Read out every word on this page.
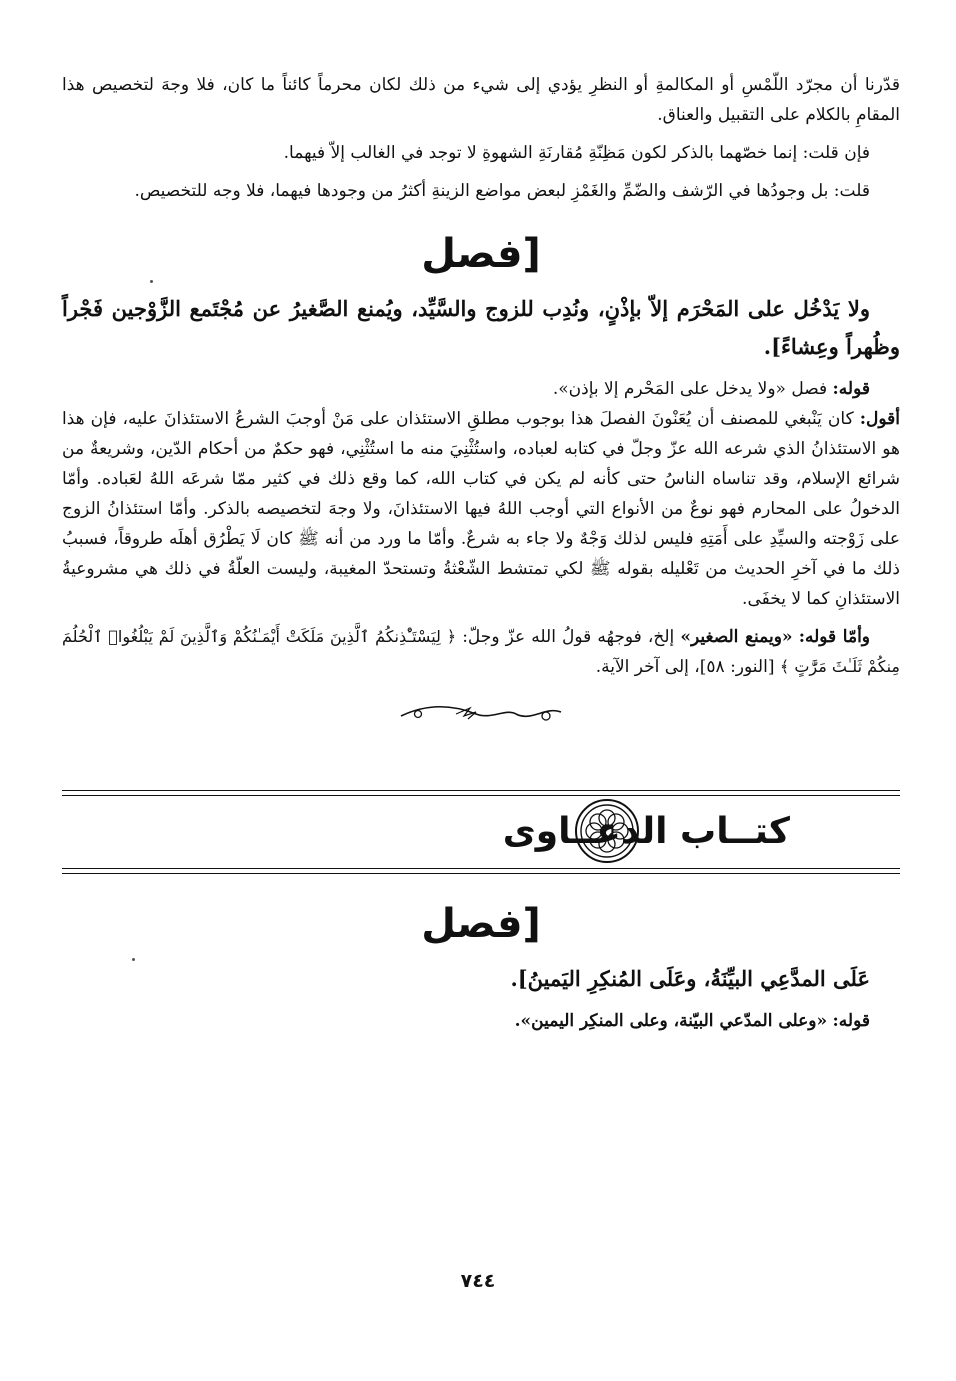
قدّرنا أن مجرّد اللّمْسِ أو المكالمةِ أو النظرِ يؤدي إلى شيء من ذلك لكان محرماً كائناً ما كان، فلا وجهَ لتخصيص هذا المقامِ بالكلام على التقبيل والعناق.

فإن قلت: إنما خصّهما بالذكر لكون مَظِنّةِ مُقارنَةِ الشهوةِ لا توجد في الغالب إلاّ فيهما.

قلت: بل وجودُها في الرّشف والضّمِّ والغَمْزِ لبعض مواضع الزينةِ أكثرُ من وجودها فيهما، فلا وجه للتخصيص.

[فصل

ولا يَدْخُل على المَحْرَم إلاّ بإذْنٍ، ونُدِب للزوج والسَّيِّد، ويُمنع الصَّغيرُ عن مُجْتَمع الزَّوْجين فَجْراً وظُهراً وعِشاءً].

قوله: فصل «ولا يدخل على المَحْرم إلا بإذن».

أقول: كان يَنْبغي للمصنف أن يُعَنْونَ الفصلَ هذا بوجوب مطلقِ الاستئذان على مَنْ أوجبَ الشرعُ الاستئذانَ عليه، فإن هذا هو الاستئذانُ الذي شرعه الله عزّ وجلّ في كتابه لعباده، واستُثْنِيَ منه ما استُثْنِي، فهو حكمٌ من أحكام الدّين، وشريعةٌ من شرائع الإسلام، وقد تناساه الناسُ حتى كأنه لم يكن في كتاب الله، كما وقع ذلك في كثير ممّا شرعَه اللهُ لعَباده. وأمّا الدخولُ على المحارم فهو نوعٌ من الأنواع التي أوجب اللهُ فيها الاستئذانَ، ولا وجهَ لتخصيصه بالذكر. وأمّا استئذانُ الزوج على زَوْجته والسيِّدِ على أَمَتِهِ فليس لذلك وَجْهٌ ولا جاء به شرعٌ. وأمّا ما ورد من أنه ﷺ كان لَا يَطْرُق أهلَه طروقاً، فسببُ ذلك ما في آخرِ الحديث من تَعْليله بقوله ﷺ لكي تمتشط الشّعْثةُ وتستحدّ المغيبة، وليست العلّةُ في ذلك هي مشروعيةُ الاستئذانِ كما لا يخفَى.

وأمّا قوله: «ويمنع الصغير» إلخ، فوجهُه قولُ الله عزّ وجلّ: ﴿ لِيَسْتَـْٔذِنكُمُ ٱلَّذِينَ مَلَكَتْ أَيْمَـٰنُكُمْ وَٱلَّذِينَ لَمْ يَبْلُغُوا۟ ٱلْحُلُمَ مِنكُمْ ثَلَـٰثَ مَرَّٰتٍ ﴾ [النور: ٥٨]، إلى آخر الآية.

كتــاب الدعــاوى
[فصل

عَلَى المدَّعِي البيِّنَةُ، وعَلَى المُنكِرِ اليَمينُ].

قوله: «وعلى المدّعي البيّنة، وعلى المنكِر اليمين».

٧٤٤
